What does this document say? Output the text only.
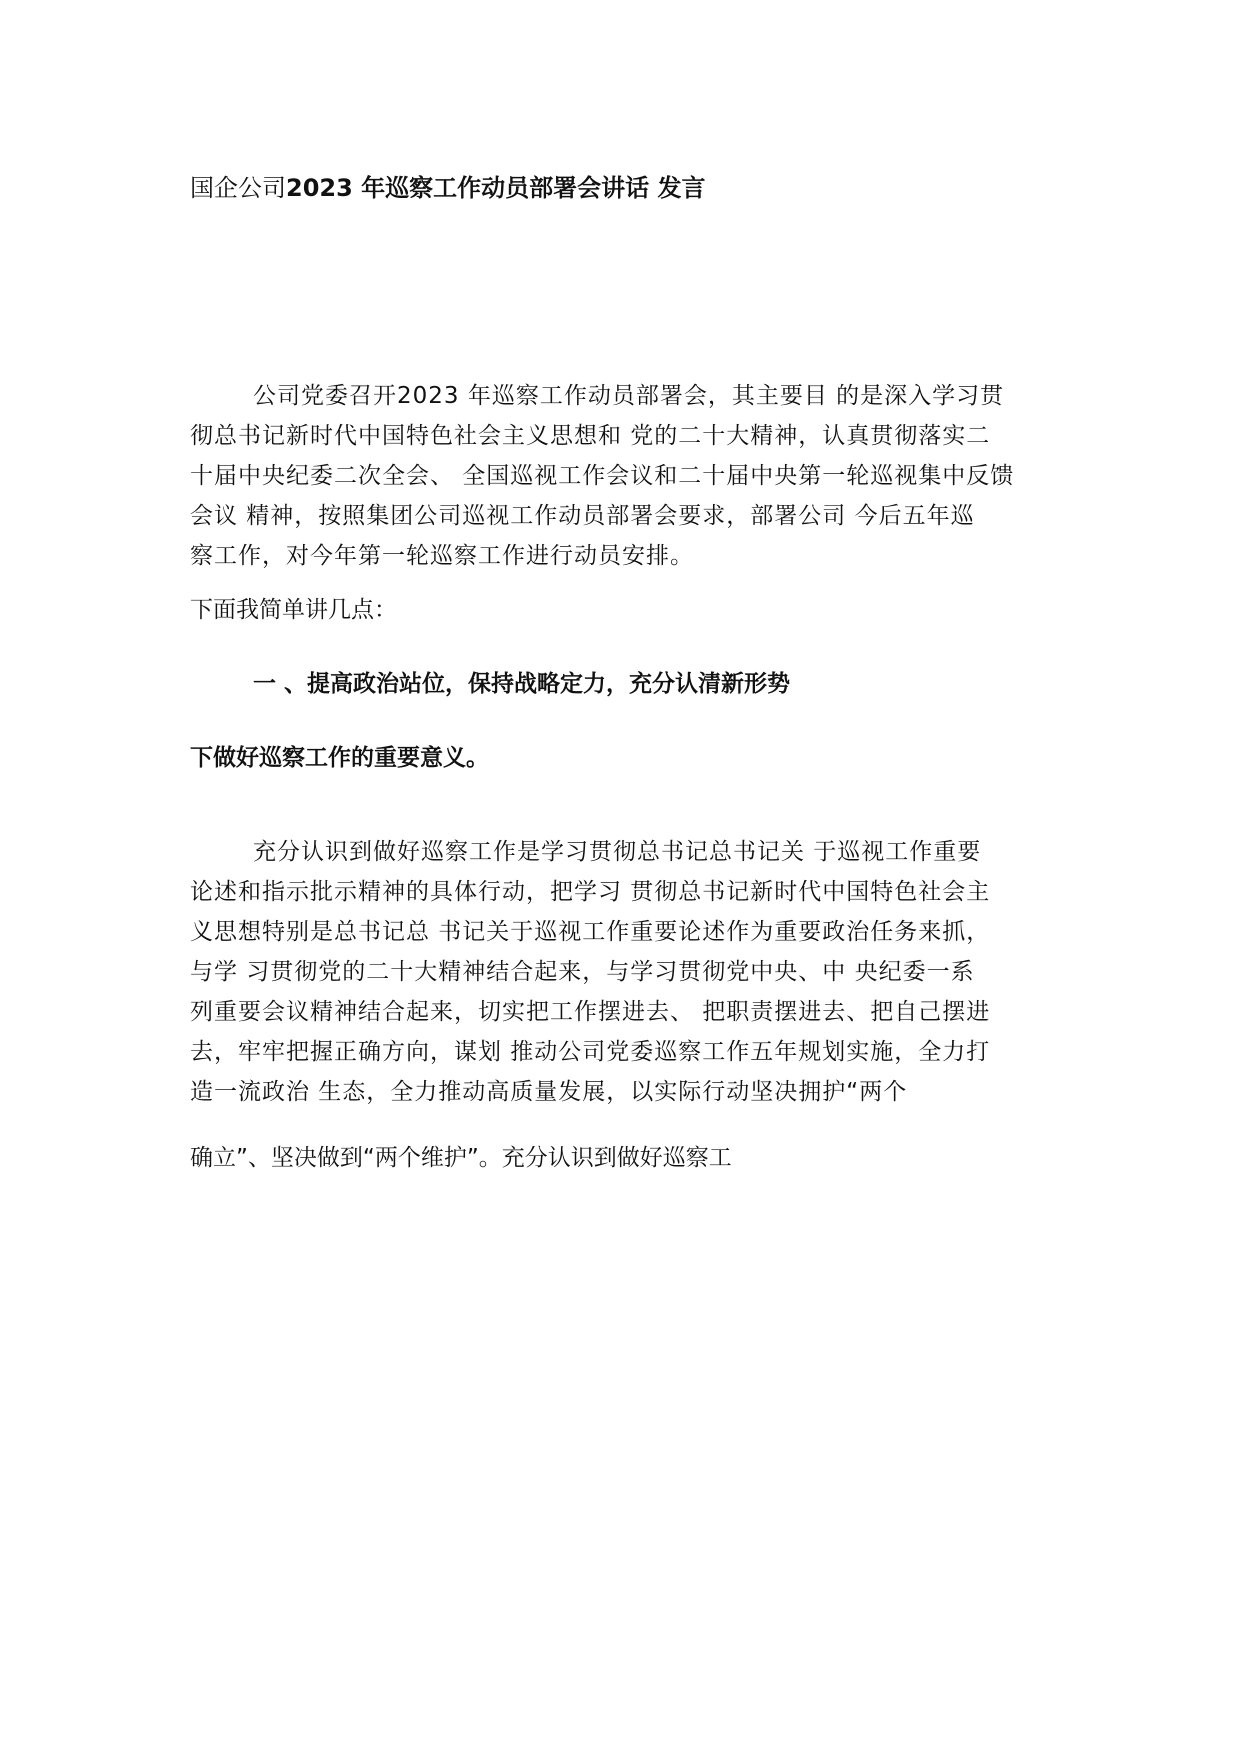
国企公司2023 年巡察工作动员部署会讲话 发言
公司党委召开2023 年巡察工作动员部署会，其主要目 的是深入学习贯
彻总书记新时代中国特色社会主义思想和 党的二十大精神，认真贯彻落实二
十届中央纪委二次全会、 全国巡视工作会议和二十届中央第一轮巡视集中反馈
会议 精神，按照集团公司巡视工作动员部署会要求，部署公司 今后五年巡
察工作，对今年第一轮巡察工作进行动员安排。

下面我简单讲几点：

一 、提高政治站位，保持战略定力，充分认清新形势

下做好巡察工作的重要意义。

充分认识到做好巡察工作是学习贯彻总书记总书记关 于巡视工作重要
论述和指示批示精神的具体行动，把学习 贯彻总书记新时代中国特色社会主
义思想特别是总书记总 书记关于巡视工作重要论述作为重要政治任务来抓，
与学 习贯彻党的二十大精神结合起来，与学习贯彻党中央、中 央纪委一系
列重要会议精神结合起来，切实把工作摆进去、 把职责摆进去、把自己摆进
去，牢牢把握正确方向，谋划 推动公司党委巡察工作五年规划实施，全力打
造一流政治 生态，全力推动高质量发展，以实际行动坚决拥护“两个

确立”、坚决做到“两个维护”。充分认识到做好巡察工
